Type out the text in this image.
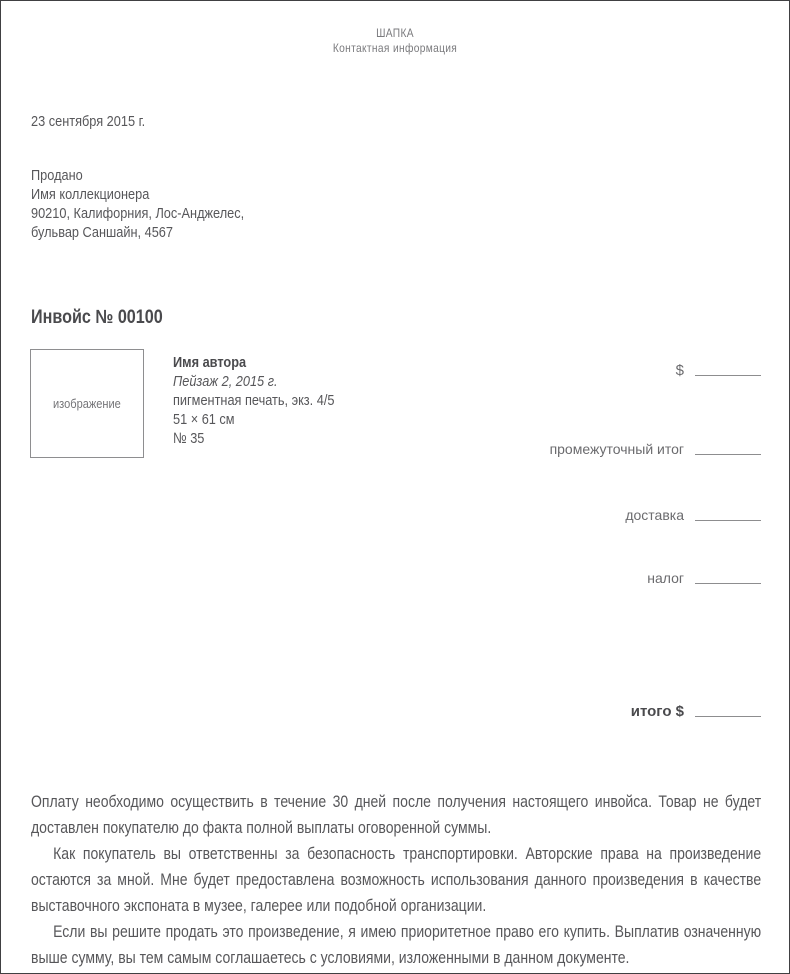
ШАПКА
Контактная информация
23 сентября 2015 г.
Продано
Имя коллекционера
90210, Калифорния, Лос-Анджелес,
бульвар Саншайн, 4567
Инвойс № 00100
изображение
Имя автора
Пейзаж 2, 2015 г.
пигментная печать, экз. 4/5
51 × 61 см
№ 35
$
промежуточный итог
доставка
налог
итого $

Оплату необходимо осуществить в течение 30 дней после получения настоящего инвойса. Товар не будет доставлен покупателю до факта полной выплаты оговоренной суммы.

Как покупатель вы ответственны за безопасность транспортировки. Авторские права на произведение остаются за мной. Мне будет предоставлена возможность использования данного произведения в качестве выставочного экспоната в музее, галерее или подобной организации.

Если вы решите продать это произведение, я имею приоритетное право его купить. Выплатив означенную выше сумму, вы тем самым соглашаетесь с условиями, изложенными в данном документе.
